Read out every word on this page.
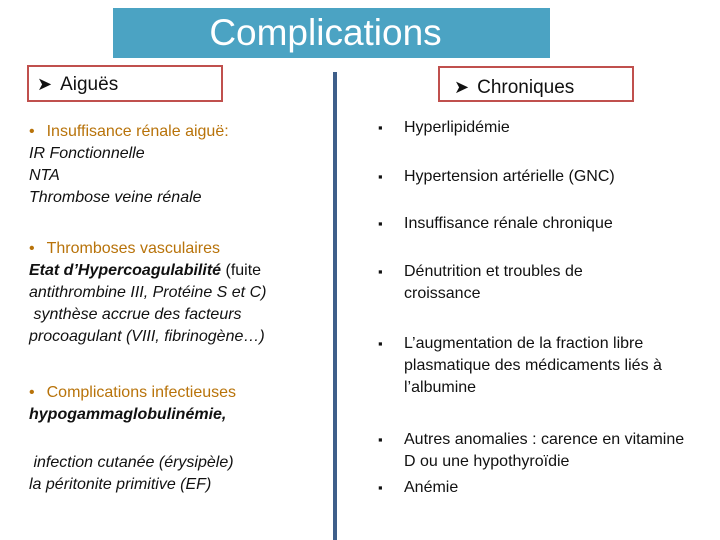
Complications
➤ Aiguës	➤ Chroniques
• Insuffisance rénale aiguë:
IR Fonctionnelle
NTA
Thrombose veine rénale
• Thromboses vasculaires
Etat d’Hypercoagulabilité (fuite
antithrombine III, Protéine S et C)
synthèse accrue des facteurs
procoagulant (VIII, fibrinogène…)
• Complications infectieuses
hypogammaglobulinémie,
infection cutanée (érysipèle)
la péritonite primitive (EF)
▪ Hyperlipidémie
▪ Hypertension artérielle (GNC)
▪ Insuffisance rénale chronique
▪ Dénutrition et troubles de croissance
▪ L’augmentation de la fraction libre plasmatique des médicaments liés à l’albumine
▪ Autres anomalies : carence en vitamine D ou une hypothyroïdie
▪ Anémie
